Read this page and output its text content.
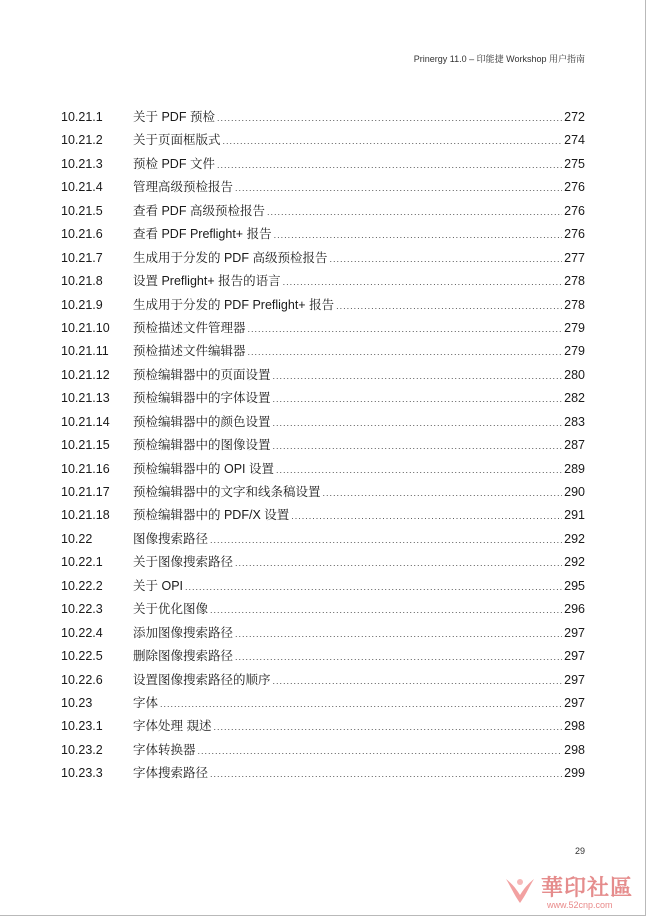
Prinergy 11.0 – 印能捷 Workshop 用户指南
10.21.1	关于 PDF 预检 .....	272
10.21.2	关于页面框版式 .....	274
10.21.3	预检 PDF 文件 .....	275
10.21.4	管理高级预检报告 .....	276
10.21.5	查看 PDF 高级预检报告 .....	276
10.21.6	查看 PDF Preflight+ 报告 .....	276
10.21.7	生成用于分发的 PDF 高级预检报告 .....	277
10.21.8	设置 Preflight+ 报告的语言 .....	278
10.21.9	生成用于分发的 PDF Preflight+ 报告 .....	278
10.21.10	预检描述文件管理器 .....	279
10.21.11	预检描述文件编辑器 .....	279
10.21.12	预检编辑器中的页面设置 .....	280
10.21.13	预检编辑器中的字体设置 .....	282
10.21.14	预检编辑器中的颜色设置 .....	283
10.21.15	预检编辑器中的图像设置 .....	287
10.21.16	预检编辑器中的 OPI 设置 .....	289
10.21.17	预检编辑器中的文字和线条稿设置 .....	290
10.21.18	预检编辑器中的 PDF/X 设置 .....	291
10.22	图像搜索路径 .....	292
10.22.1	关于图像搜索路径 .....	292
10.22.2	关于 OPI .....	295
10.22.3	关于优化图像 .....	296
10.22.4	添加图像搜索路径 .....	297
10.22.5	删除图像搜索路径 .....	297
10.22.6	设置图像搜索路径的顺序 .....	297
10.23	字体 .....	297
10.23.1	字体处理 覝述 .....	298
10.23.2	字体转换器 .....	298
10.23.3	字体搜索路径 .....	299
29
華印社區
www.52cnp.com
